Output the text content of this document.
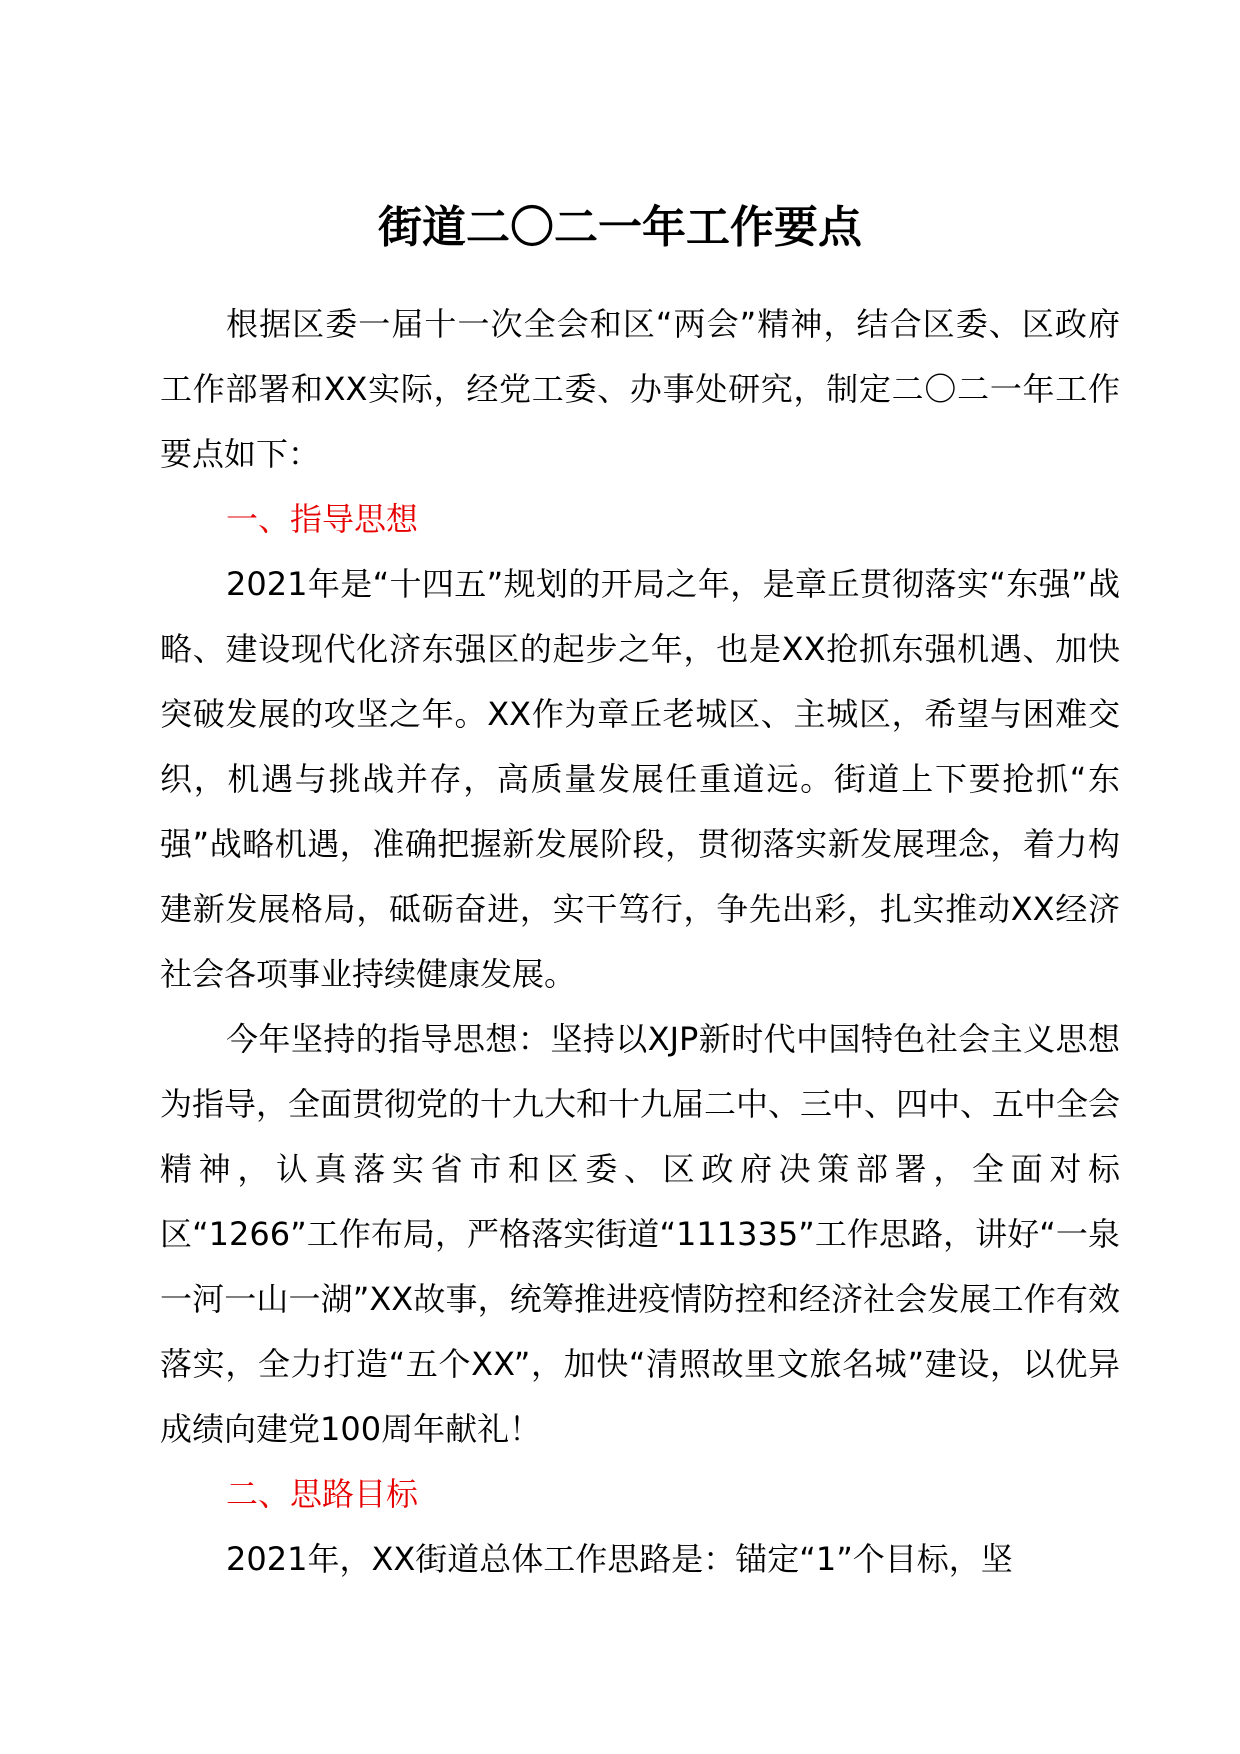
街道二〇二一年工作要点

根据区委一届十一次全会和区“两会”精神，结合区委、区政府工作部署和XX实际，经党工委、办事处研究，制定二〇二一年工作要点如下：

一、指导思想

2021年是“十四五”规划的开局之年，是章丘贯彻落实“东强”战略、建设现代化济东强区的起步之年，也是XX抢抓东强机遇、加快突破发展的攻坚之年。XX作为章丘老城区、主城区，希望与困难交织，机遇与挑战并存，高质量发展任重道远。街道上下要抢抓“东强”战略机遇，准确把握新发展阶段，贯彻落实新发展理念，着力构建新发展格局，砥砺奋进，实干笃行，争先出彩，扎实推动XX经济社会各项事业持续健康发展。

今年坚持的指导思想：坚持以XJP新时代中国特色社会主义思想为指导，全面贯彻党的十九大和十九届二中、三中、四中、五中全会精神，认真落实省市和区委、区政府决策部署，全面对标区“1266”工作布局，严格落实街道“111335”工作思路，讲好“一泉一河一山一湖”XX故事，统筹推进疫情防控和经济社会发展工作有效落实，全力打造“五个XX”，加快“清照故里文旅名城”建设，以优异成绩向建党100周年献礼！

二、思路目标

2021年，XX街道总体工作思路是：锚定“1”个目标，坚
